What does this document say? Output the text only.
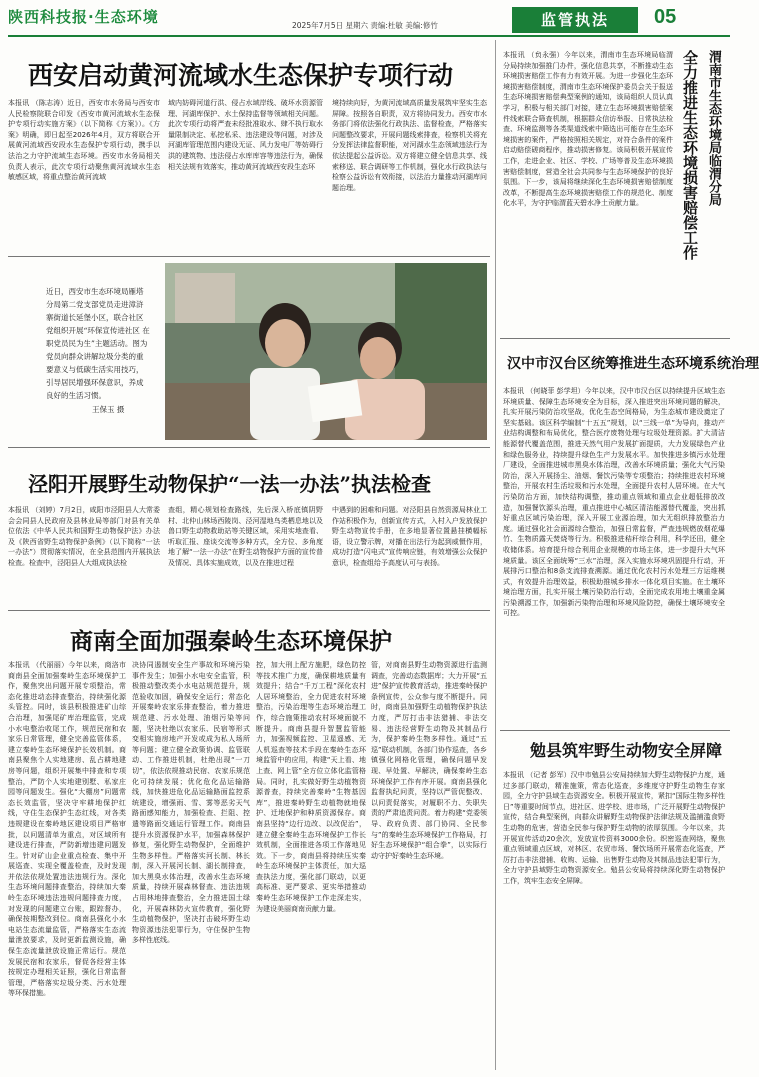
陕西科技报·生态环境	2025年7月5日 星期六 责编:杜敏 美编:修竹	监管执法	05
西安启动黄河流域水生态保护专项行动
本报讯 （陈志涛）近日，西安市水务局与西安市人民检察院联合印发《西安市黄河流域水生态保护专项行动实施方案》（以下简称《方案》）。《方案》明确，即日起至2026年4月，双方将联合开展黄河流域西安段水生态保护专项行动，携手以法治之力守护流域生态环境。西安市水务局相关负责人表示，此次专项行动聚焦黄河流域水生态敏感区域，将重点整治黄河流域
域内妨碍河道行洪、侵占水域岸线、破坏水资源管理、河湖库保护、水土保持监督等领域相关问题。此次专项行动将严查未经批准取水、肆不执行取水量限制决定、私挖私采、违法建设等问题，对涉及河湖库管理范围内建设无证、风力发电厂等妨碍行洪的建筑物、违法侵占水库库容等违法行为，确保相关法规有效落实，推动黄河流域西安段生态环
境持续向好，为黄河流域高质量发展筑牢坚实生态屏障。按照各自职责，双方将协同发力。西安市水务部门将依法强化行政执法、监督检查，严格落实问题整改要求，开展问题线索排查，检察机关将充分发挥法律监督职能，对河湖水生态领域违法行为依法提起公益诉讼。双方将建立健全信息共享、线索移送、联合调研等工作机制，强化水行政执法与检察公益诉讼有效衔接，以法治力量推动河湖库问题治理。
近日，西安市生态环境局雁塔分局第二党支部党员走进漳浒寨街道长延堡小区，联合社区党组织开展“环保宣传进社区 在职党员民为生”主题活动。图为党员向群众讲解垃圾分类的重要意义与低碳生活实用技巧，引导居民增强环保意识，养成良好的生活习惯。
王保玉 摄
泾阳开展野生动物保护“一法一办法”执法检查
本报讯 （刘婷）7月2日，咸阳市泾阳县人大常委会会同县人民政府及县林业局等部门对县有关单位依法《中华人民共和国野生动物保护法》办法及《陕西省野生动物保护条例》（以下简称“一法一办法”）贯彻落实情况，在全县范围内开展执法检查。检查中，泾阳县人大组成执法检
查组，精心规划检查路线，先后深入桥底镇阴野村、北仲山林场西陵岗、泾河湿地鸟类栖息地以及兽口野生动物救助站等关键区域，采用实地查看、听取汇报、座谈交流等多种方式，全方位、多角度地了解“一法一办法”在野生动物保护方面的宣传普及情况、具体实施成效，以及在推进过程
中遇到的困难和问题。对泾阳县自然资源局林业工作站积极作为，创新宣传方式，入村入户发放保护野生动物宣传手册，在多地显著位置悬挂横幅标语，设立警示牌，对播在出法行为起到威慑作用，成功打造“闪电式”宣传响应链，有效增强公众保护意识，检查组给予高度认可与表扬。
商南全面加强秦岭生态环境保护
本报讯 （代丽丽）今年以来，商洛市商南县全面加强秦岭生态环境保护工作，聚焦突出问题开展专项整治，常态化推进动态排查整治，持续强化源头管控。同时，该县积极推进矿山综合治理，加强尾矿库治理监管，完成小水电整治收尾工作，规范民宿和农家乐日常管理，健全完善监管体系，建立秦岭生态环境保护长效机制。商南县聚焦个人实地建房、乱占耕地建房等问题，组织开展集中排查和专项整治，严防个人实地建别墅、私家庄园等问题发生。强化“大棚房”问题常态长效监管，坚决守牢耕地保护红线，守住生态保护生态红线，对各类违规建设在秦岭地区建设项目严格审批，以问题清单为重点，对区域所有建设进行排查，严防新增违建问题发生。针对矿山企业重点检查、集中开展巡查、实现全覆盖检查，及时发现并依法依规处置违法违规行为。深化生态环境问题排查整治，持续加大秦岭生态环境违法违规问题排查力度，对发现的问题建立台账，跟踪督办，确保按期整改到位。商南县强化小水电站生态流量监管，严格落实生态流量泄放要求，及时更新监测设施，确保生态流量泄放设施正常运行。规范发展民宿和农家乐，督促各经营主体按规定办理相关证照，强化日常监督管理，严格落实垃圾分类、污水处理等环保措施。
决协同遏制安全生产事故和环境污染事件发生；加强小水电安全监管，积极推动整改类小水电站规范提升，规范验收加固，确保安全运行；常态化开展秦岭农家乐排查整治，着力推进规范建、污水处理、油烟污染等问题，坚决杜绝以农家乐、民宿等形式变相实施房地产开发或成为私人场所等问题；建立健全政策协调、监管联动、工作推进机制，杜绝出现“一刀切”，依法依规推动民宿、农家乐规范化可持续发展；优化危化品运输路线，加快推进危化品运输路面监控系统建设，增强雨、雪、雾等恶劣天气路面感知能力，加强检查、拦阻、控遣等路面交通运行管理工作。商南县提升水资源保护水平，加强森林保护修复，强化野生动物保护，全面维护生物多样性。严格落实河长制、林长制，深入开展河长制、湖长制排查，加大黑臭水体治理，改善水生态环境质量，持续开展森林督查、违法违规占用林地排查整治，全力推进国土绿化，开展森林防火宣传教育，强化野生动植物保护，坚决打击破坏野生动物资源违法犯罪行为，守住保护生物多样性底线。
控，加大刑上配方施肥，绿色防控等技术推广力度，确保耕地质量有效提升；结合“千万工程”深化农村人居环境整治，全力促进农村环境整治，污染治理等生态环境治理工作，综合施策推动农村环境面貌不断提升。商南县提升智慧监管能力，加强视频监控、卫星遥感、无人机巡查等技术手段在秦岭生态环境监管中的应用，构建“天上看、地上查、网上管”全方位立体化监管格局。同时，扎实做好野生动植物资源普查，持续完善秦岭“生物基因库”，推进秦岭野生动植物就地保护、迁地保护和种质资源保存。商南县坚持“边行边改、以改促治”，建立健全秦岭生态环境保护工作长效机制，全面推进各项工作落地见效。下一步，商南县将持续压实秦岭生态环境保护主体责任，加大巡查执法力度，强化部门联动，以更高标准、更严要求、更实举措推动秦岭生态环境保护工作走深走实，为建设美丽商南贡献力量。
管，对商南县野生动物资源进行监测调查，完善动态数据库；大力开展“五进”保护宣传教育活动，推进秦岭保护条例宣传，公众参与度不断提升。同时，商南县加强野生动植物保护执法力度，严厉打击非法猎捕、非法交易、违法经营野生动物及其制品行为，保护秦岭生物多样性。通过“五巡”联动机制，各部门协作巡查，各乡镇强化网格化管理，确保问题早发现、早处置、早解决，确保秦岭生态环境保护工作有序开展。商南县强化监督执纪问责，坚持以严管促整改、以问责促落实，对履职不力、失职失责的严肃追责问责。着力构建“党委领导、政府负责、部门协同、全民参与”的秦岭生态环境保护工作格局，打好生态环境保护“组合拳”，以实际行动守护好秦岭生态环境。
本报讯 （贠永强）今年以来，渭南市生态环境局临渭分局持续加强推门办件，强化信息共享，不断推动生态环境损害赔偿工作有力有效开展。为进一步强化生态环境损害赔偿制度，渭南市生态环境保护委员会关于报送生态环境损害赔偿典型案例的通知，该局组织人员认真学习，积极与相关部门对接，建立生态环境损害赔偿案件线索联合筛查机制，根据群众信访举报、日常执法检查、环境监测等各类渠道线索中筛选出可能存在生态环境损害的案件，严格按照相关规定，对符合条件的案件启动赔偿磋商程序，推动损害修复。该局积极开展宣传工作，走进企业、社区、学校、广场等普及生态环境损害赔偿制度，营造全社会共同参与生态环境保护的良好氛围。下一步，该局将继续深化生态环境损害赔偿制度改革，不断提高生态环境损害赔偿工作的规范化、制度化水平，为守护临渭蓝天碧水净土贡献力量。	全力推进生态环境损害赔偿工作 渭南市生态环境局临渭分局
汉中市汉台区统筹推进生态环境系统治理
本报讯 （何晓菲 彭学坦）今年以来，汉中市汉台区以持续提升区域生态环境质量、保障生态环境安全为目标，深入推进突出环境问题的解决，扎实开展污染防治攻坚战，优化生态空间格局，为生态城市建设奠定了坚实基础。该区科学编制“十五五”规划，以“三线一单”为导向，推动产业结构调整和布局优化，整合医疗废物处理与垃圾处理资源。扩大清洁能源替代覆盖范围，推进天然气用户发展扩面提质，大力发展绿色产业和绿色服务业，持续提升绿色生产力发展水平。加快推进多镇污水处理厂建设，全面推进城市黑臭水体治理，改善水环境质量；强化大气污染防治，深入开展扬尘、油烟、餐饮污染等专项整治；持续推进农村环境整治，开展农村生活垃圾和污水处理，全面提升农村人居环境。在大气污染防治方面，加快结构调整，推动重点领域和重点企业超低排放改造，加强餐饮源头治理，重点推进中心城区清洁能源替代覆盖，突出抓好重点区域污染治理，深入开展工业源治理，加大无组织排放整治力度。通过强化社会面源综合整治，加强日常监督，严查违规燃放烟花爆竹、生物质露天焚烧等行为。积极推进秸秆综合利用，科学还田，健全收储体系。培育提升综合利用企业规模的市场主体，进一步提升大气环境质量。该区全面统筹“三水”治理，深入实施水环境巩固提升行动，开展排污口整治和8条支流排查溯源。通过优化农村污水处理三方运维模式，有效提升治理效益，积极助推城乡排水一体化项目实施。在土壤环境治理方面，扎实开展土壤污染防治行动，全面完成农用地土壤重金属污染溯源工作，加强新污染物治理和环境风险防控，确保土壤环境安全可控。
勉县筑牢野生动物安全屏障
本报讯 （记者 彭军）汉中市勉县公安局持续加大野生动物保护力度，通过多部门联动，精准施策，常态化巡查，多维度守护野生动物生存家园，全力守护县域生态资源安全。积极开展宣传，紧扣“国际生物多样性日”等重要时间节点，进社区、进学校、进市场，广泛开展野生动物保护宣传，结合典型案例，向群众讲解野生动物保护法律法规及滥捕滥食野生动物的危害，营造全民参与保护野生动物的浓厚氛围。今年以来，共开展宣传活动20余次，发放宣传资料3000余份。织密巡查网络，聚焦重点领域重点区域，对林区、农贸市场、餐饮场所开展常态化巡查，严厉打击非法猎捕、收购、运输、出售野生动物及其制品违法犯罪行为，全力守护县域野生动物资源安全。勉县公安局将持续深化野生动物保护工作，筑牢生态安全屏障。
